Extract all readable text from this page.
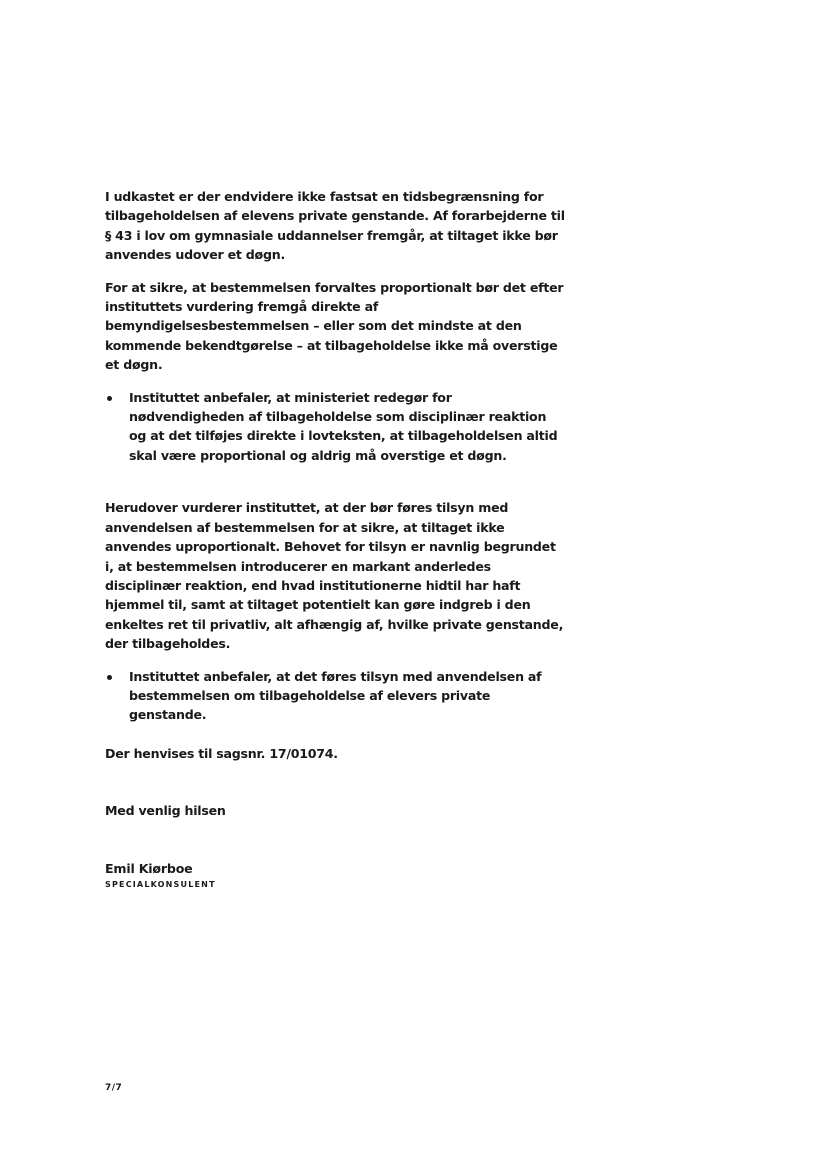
I udkastet er der endvidere ikke fastsat en tidsbegrænsning for tilbageholdelsen af elevens private genstande. Af forarbejderne til § 43 i lov om gymnasiale uddannelser fremgår, at tiltaget ikke bør anvendes udover et døgn.

For at sikre, at bestemmelsen forvaltes proportionalt bør det efter instituttets vurdering fremgå direkte af bemyndigelsesbestemmelsen – eller som det mindste at den kommende bekendtgørelse – at tilbageholdelse ikke må overstige et døgn.

Instituttet anbefaler, at ministeriet redegør for nødvendigheden af tilbageholdelse som disciplinær reaktion og at det tilføjes direkte i lovteksten, at tilbageholdelsen altid skal være proportional og aldrig må overstige et døgn.

Herudover vurderer instituttet, at der bør føres tilsyn med anvendelsen af bestemmelsen for at sikre, at tiltaget ikke anvendes uproportionalt. Behovet for tilsyn er navnlig begrundet i, at bestemmelsen introducerer en markant anderledes disciplinær reaktion, end hvad institutionerne hidtil har haft hjemmel til, samt at tiltaget potentielt kan gøre indgreb i den enkeltes ret til privatliv, alt afhængig af, hvilke private genstande, der tilbageholdes.

Instituttet anbefaler, at det føres tilsyn med anvendelsen af bestemmelsen om tilbageholdelse af elevers private genstande.

Der henvises til sagsnr. 17/01074.

Med venlig hilsen

Emil Kiørboe

SPECIALKONSULENT

7/7
